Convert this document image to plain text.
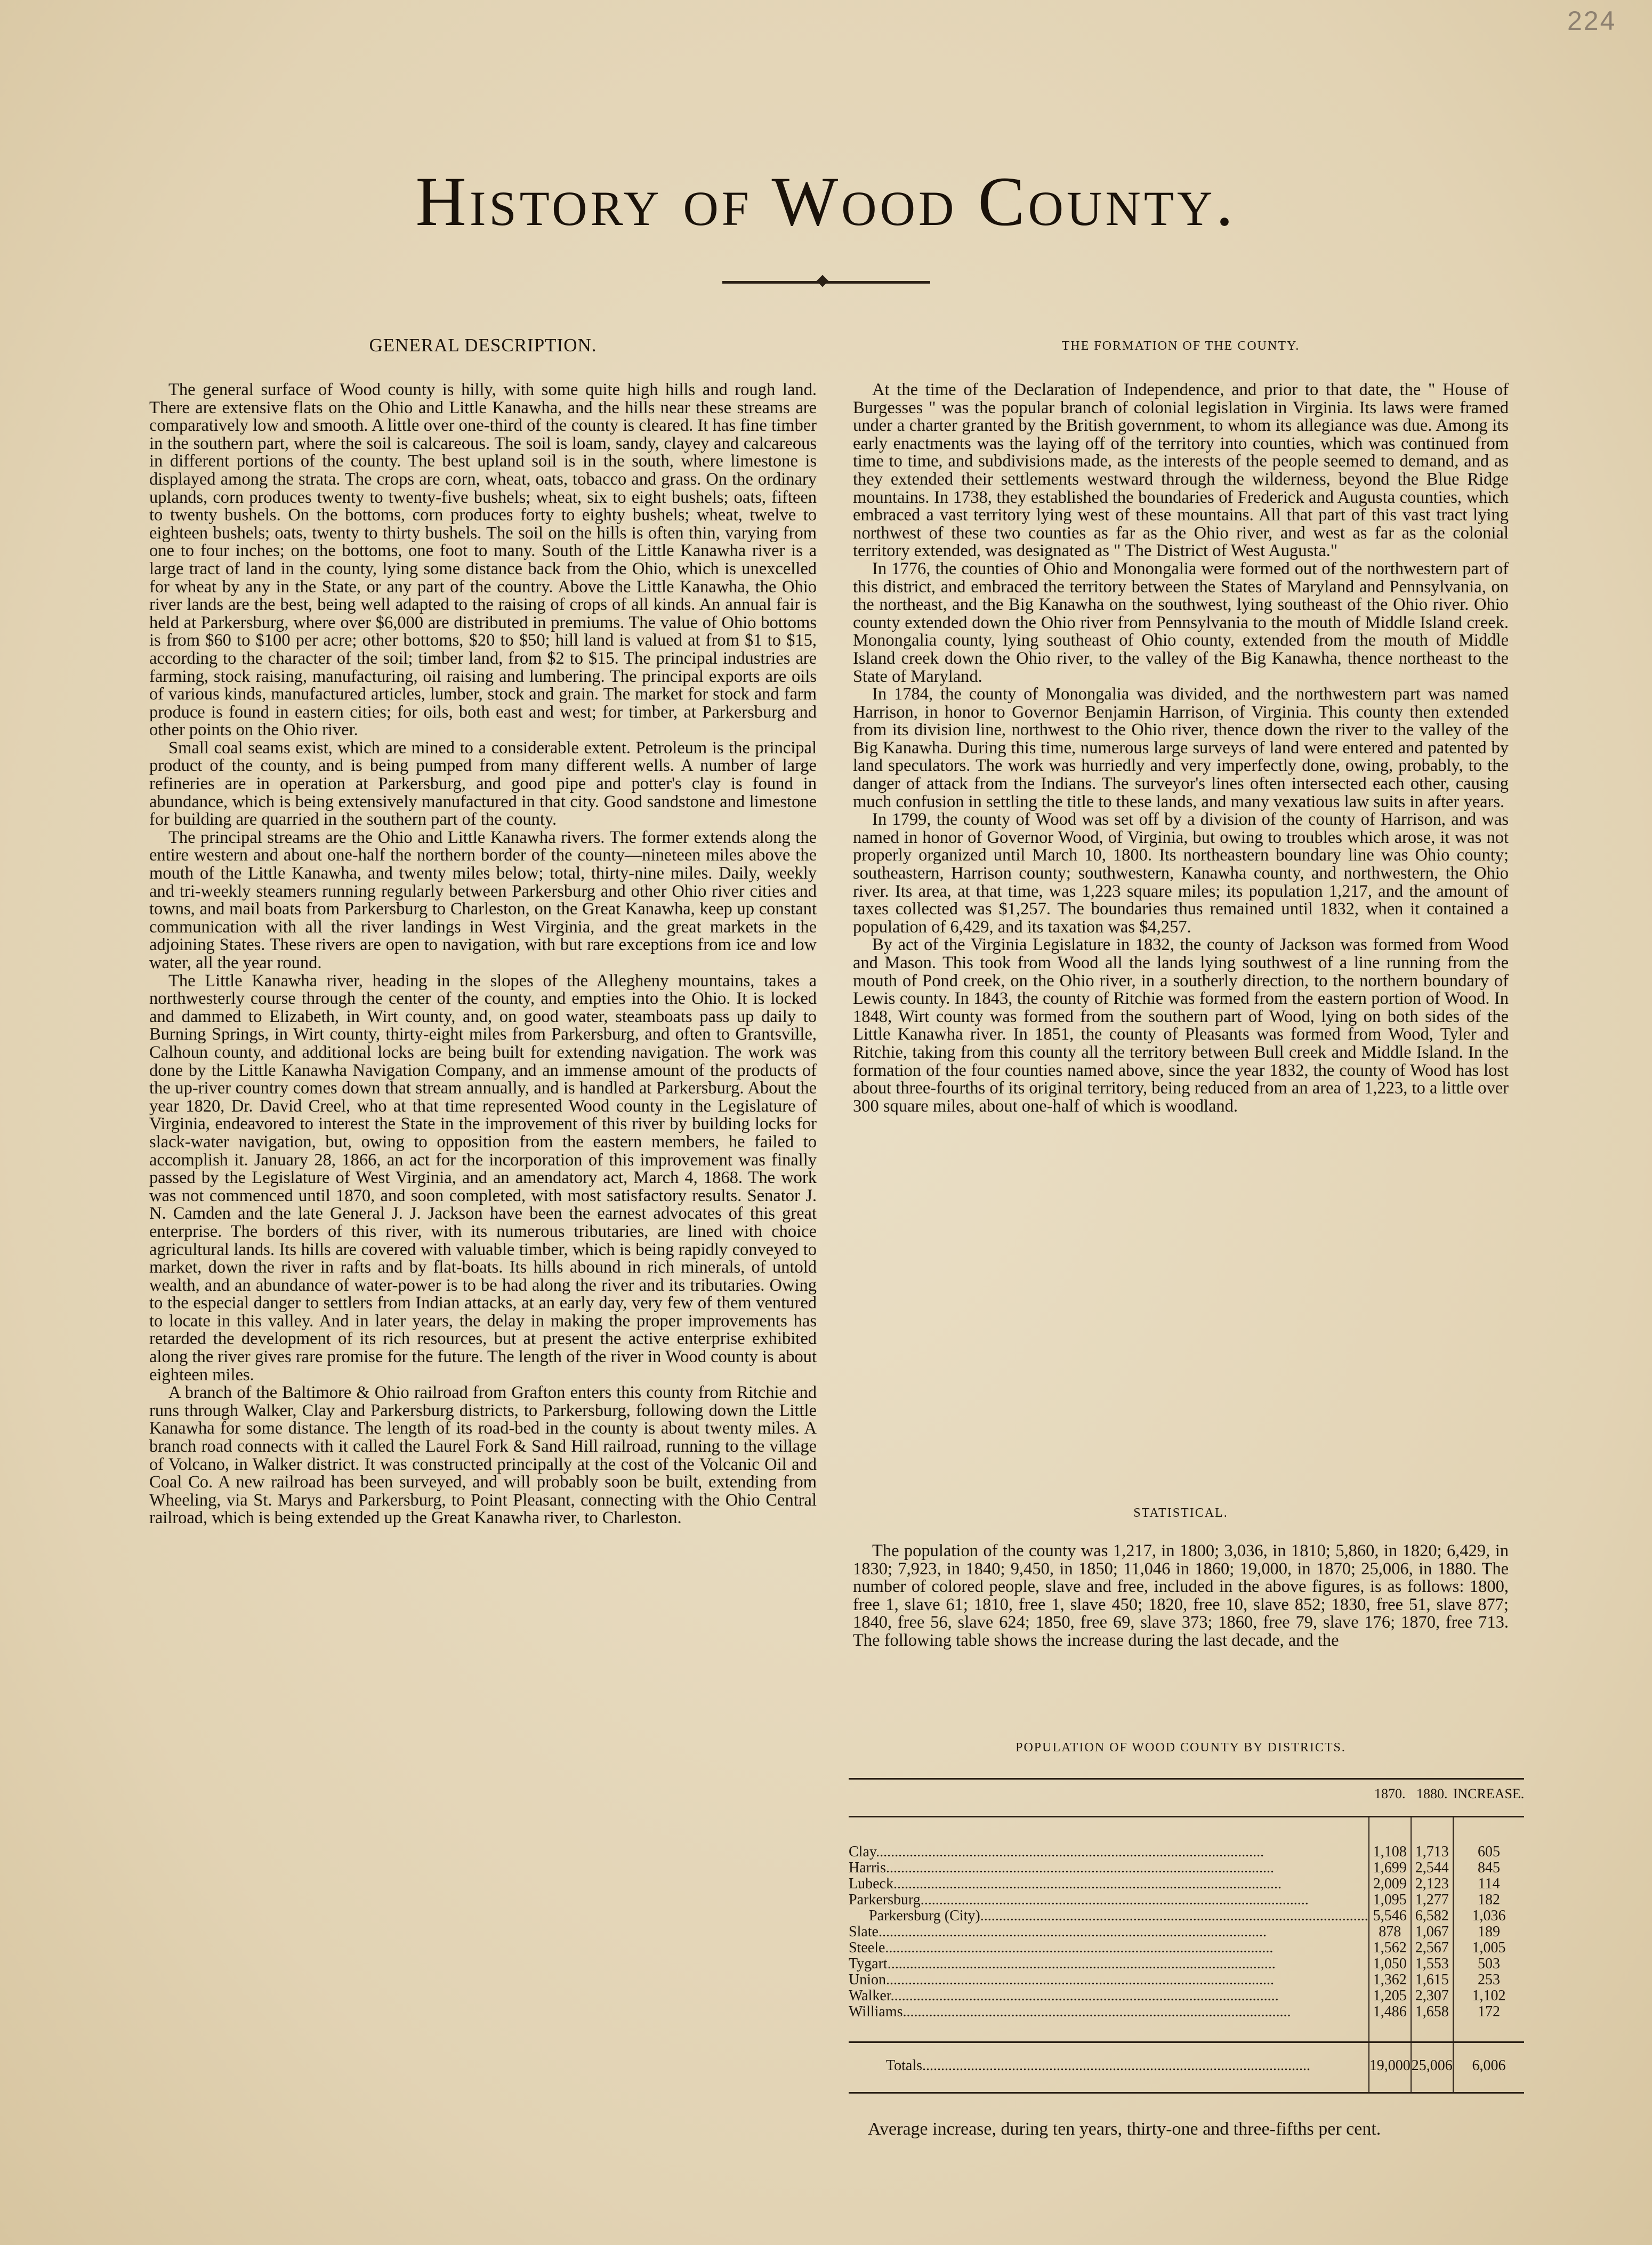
224
History of Wood County.
GENERAL DESCRIPTION.

The general surface of Wood county is hilly, with some quite high hills and rough land. There are extensive flats on the Ohio and Little Kanawha, and the hills near these streams are comparatively low and smooth. A little over one-third of the county is cleared. It has fine timber in the southern part, where the soil is calcareous. The soil is loam, sandy, clayey and calcareous in different portions of the county. The best upland soil is in the south, where limestone is displayed among the strata. The crops are corn, wheat, oats, tobacco and grass. On the ordinary uplands, corn produces twenty to twenty-five bushels; wheat, six to eight bushels; oats, fifteen to twenty bushels. On the bottoms, corn produces forty to eighty bushels; wheat, twelve to eighteen bushels; oats, twenty to thirty bushels. The soil on the hills is often thin, varying from one to four inches; on the bottoms, one foot to many. South of the Little Kanawha river is a large tract of land in the county, lying some distance back from the Ohio, which is unexcelled for wheat by any in the State, or any part of the country. Above the Little Kanawha, the Ohio river lands are the best, being well adapted to the raising of crops of all kinds. An annual fair is held at Parkersburg, where over $6,000 are distributed in premiums. The value of Ohio bottoms is from $60 to $100 per acre; other bottoms, $20 to $50; hill land is valued at from $1 to $15, according to the character of the soil; timber land, from $2 to $15. The principal industries are farming, stock raising, manufacturing, oil raising and lumbering. The principal exports are oils of various kinds, manufactured articles, lumber, stock and grain. The market for stock and farm produce is found in eastern cities; for oils, both east and west; for timber, at Parkersburg and other points on the Ohio river.

Small coal seams exist, which are mined to a considerable extent. Petroleum is the principal product of the county, and is being pumped from many different wells. A number of large refineries are in operation at Parkersburg, and good pipe and potter's clay is found in abundance, which is being extensively manufactured in that city. Good sandstone and limestone for building are quarried in the southern part of the county.

The principal streams are the Ohio and Little Kanawha rivers. The former extends along the entire western and about one-half the northern border of the county—nineteen miles above the mouth of the Little Kanawha, and twenty miles below; total, thirty-nine miles. Daily, weekly and tri-weekly steamers running regularly between Parkersburg and other Ohio river cities and towns, and mail boats from Parkersburg to Charleston, on the Great Kanawha, keep up constant communication with all the river landings in West Virginia, and the great markets in the adjoining States. These rivers are open to navigation, with but rare exceptions from ice and low water, all the year round.

The Little Kanawha river, heading in the slopes of the Allegheny mountains, takes a northwesterly course through the center of the county, and empties into the Ohio. It is locked and dammed to Elizabeth, in Wirt county, and, on good water, steamboats pass up daily to Burning Springs, in Wirt county, thirty-eight miles from Parkersburg, and often to Grantsville, Calhoun county, and additional locks are being built for extending navigation. The work was done by the Little Kanawha Navigation Company, and an immense amount of the products of the up-river country comes down that stream annually, and is handled at Parkersburg. About the year 1820, Dr. David Creel, who at that time represented Wood county in the Legislature of Virginia, endeavored to interest the State in the improvement of this river by building locks for slack-water navigation, but, owing to opposition from the eastern members, he failed to accomplish it. January 28, 1866, an act for the incorporation of this improvement was finally passed by the Legislature of West Virginia, and an amendatory act, March 4, 1868. The work was not commenced until 1870, and soon completed, with most satisfactory results. Senator J. N. Camden and the late General J. J. Jackson have been the earnest advocates of this great enterprise. The borders of this river, with its numerous tributaries, are lined with choice agricultural lands. Its hills are covered with valuable timber, which is being rapidly conveyed to market, down the river in rafts and by flat-boats. Its hills abound in rich minerals, of untold wealth, and an abundance of water-power is to be had along the river and its tributaries. Owing to the especial danger to settlers from Indian attacks, at an early day, very few of them ventured to locate in this valley. And in later years, the delay in making the proper improvements has retarded the development of its rich resources, but at present the active enterprise exhibited along the river gives rare promise for the future. The length of the river in Wood county is about eighteen miles.

A branch of the Baltimore & Ohio railroad from Grafton enters this county from Ritchie and runs through Walker, Clay and Parkersburg districts, to Parkersburg, following down the Little Kanawha for some distance. The length of its road-bed in the county is about twenty miles. A branch road connects with it called the Laurel Fork & Sand Hill railroad, running to the village of Volcano, in Walker district. It was constructed principally at the cost of the Volcanic Oil and Coal Co. A new railroad has been surveyed, and will probably soon be built, extending from Wheeling, via St. Marys and Parkersburg, to Point Pleasant, connecting with the Ohio Central railroad, which is being extended up the Great Kanawha river, to Charleston.

THE FORMATION OF THE COUNTY.

At the time of the Declaration of Independence, and prior to that date, the " House of Burgesses " was the popular branch of colonial legislation in Virginia. Its laws were framed under a charter granted by the British government, to whom its allegiance was due. Among its early enactments was the laying off of the territory into counties, which was continued from time to time, and subdivisions made, as the interests of the people seemed to demand, and as they extended their settlements westward through the wilderness, beyond the Blue Ridge mountains. In 1738, they established the boundaries of Frederick and Augusta counties, which embraced a vast territory lying west of these mountains. All that part of this vast tract lying northwest of these two counties as far as the Ohio river, and west as far as the colonial territory extended, was designated as " The District of West Augusta."

In 1776, the counties of Ohio and Monongalia were formed out of the northwestern part of this district, and embraced the territory between the States of Maryland and Pennsylvania, on the northeast, and the Big Kanawha on the southwest, lying southeast of the Ohio river. Ohio county extended down the Ohio river from Pennsylvania to the mouth of Middle Island creek. Monongalia county, lying southeast of Ohio county, extended from the mouth of Middle Island creek down the Ohio river, to the valley of the Big Kanawha, thence northeast to the State of Maryland.

In 1784, the county of Monongalia was divided, and the northwestern part was named Harrison, in honor to Governor Benjamin Harrison, of Virginia. This county then extended from its division line, northwest to the Ohio river, thence down the river to the valley of the Big Kanawha. During this time, numerous large surveys of land were entered and patented by land speculators. The work was hurriedly and very imperfectly done, owing, probably, to the danger of attack from the Indians. The surveyor's lines often intersected each other, causing much confusion in settling the title to these lands, and many vexatious law suits in after years.

In 1799, the county of Wood was set off by a division of the county of Harrison, and was named in honor of Governor Wood, of Virginia, but owing to troubles which arose, it was not properly organized until March 10, 1800. Its northeastern boundary line was Ohio county; southeastern, Harrison county; southwestern, Kanawha county, and northwestern, the Ohio river. Its area, at that time, was 1,223 square miles; its population 1,217, and the amount of taxes collected was $1,257. The boundaries thus remained until 1832, when it contained a population of 6,429, and its taxation was $4,257.

By act of the Virginia Legislature in 1832, the county of Jackson was formed from Wood and Mason. This took from Wood all the lands lying southwest of a line running from the mouth of Pond creek, on the Ohio river, in a southerly direction, to the northern boundary of Lewis county. In 1843, the county of Ritchie was formed from the eastern portion of Wood. In 1848, Wirt county was formed from the southern part of Wood, lying on both sides of the Little Kanawha river. In 1851, the county of Pleasants was formed from Wood, Tyler and Ritchie, taking from this county all the territory between Bull creek and Middle Island. In the formation of the four counties named above, since the year 1832, the county of Wood has lost about three-fourths of its original territory, being reduced from an area of 1,223, to a little over 300 square miles, about one-half of which is woodland.

STATISTICAL.

The population of the county was 1,217, in 1800; 3,036, in 1810; 5,860, in 1820; 6,429, in 1830; 7,923, in 1840; 9,450, in 1850; 11,046 in 1860; 19,000, in 1870; 25,006, in 1880. The number of colored people, slave and free, included in the above figures, is as follows: 1800, free 1, slave 61; 1810, free 1, slave 450; 1820, free 10, slave 852; 1830, free 51, slave 877; 1840, free 56, slave 624; 1850, free 69, slave 373; 1860, free 79, slave 176; 1870, free 713. The following table shows the increase during the last decade, and the

POPULATION OF WOOD COUNTY BY DISTRICTS.
	1870.	1880.	INCREASE.
Clay .....	1,108	1,713	605
Harris .....	1,699	2,544	845
Lubeck .....	2,009	2,123	114
Parkersburg .....	1,095	1,277	182
Parkersburg (City) .....	5,546	6,582	1,036
Slate .....	878	1,067	189
Steele .....	1,562	2,567	1,005
Tygart .....	1,050	1,553	503
Union .....	1,362	1,615	253
Walker .....	1,205	2,307	1,102
Williams .....	1,486	1,658	172
Totals .....	19,000	25,006	6,006
Average increase, during ten years, thirty-one and three-fifths per cent.
